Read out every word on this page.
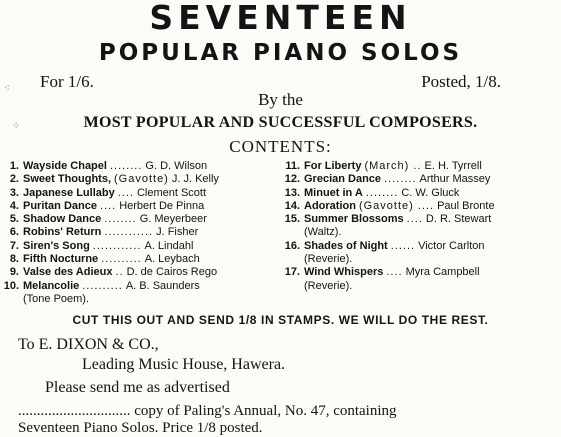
SEVENTEEN
POPULAR PIANO SOLOS
For 1/6.	Posted, 1/8.
By the
MOST POPULAR AND SUCCESSFUL COMPOSERS.
CONTENTS:
1. Wayside Chapel ........ G. D. Wilson
2. Sweet Thoughts, (Gavotte) J. J. Kelly
3. Japanese Lullaby .... Clement Scott
4. Puritan Dance .... Herbert De Pinna
5. Shadow Dance ........ G. Meyerbeer
6. Robins' Return ............ J. Fisher
7. Siren's Song ............ A. Lindahl
8. Fifth Nocturne .......... A. Leybach
9. Valse des Adieux .. D. de Cairos Rego
10. Melancolie .......... A. B. Saunders
(Tone Poem).
11. For Liberty (March) .. E. H. Tyrrell
12. Grecian Dance ........ Arthur Massey
13. Minuet in A ........ C. W. Gluck
14. Adoration (Gavotte) .... Paul Bronte
15. Summer Blossoms .... D. R. Stewart
(Waltz).
16. Shades of Night ...... Victor Carlton
(Reverie).
17. Wind Whispers .... Myra Campbell
(Reverie).
CUT THIS OUT AND SEND 1/8 IN STAMPS. WE WILL DO THE REST.
To E. DIXON & CO.,
Leading Music House, Hawera.
Please send me as advertised
.............................. copy of Paling's Annual, No. 47, containing
Seventeen Piano Solos. Price 1/8 posted.
⁖
⁘
